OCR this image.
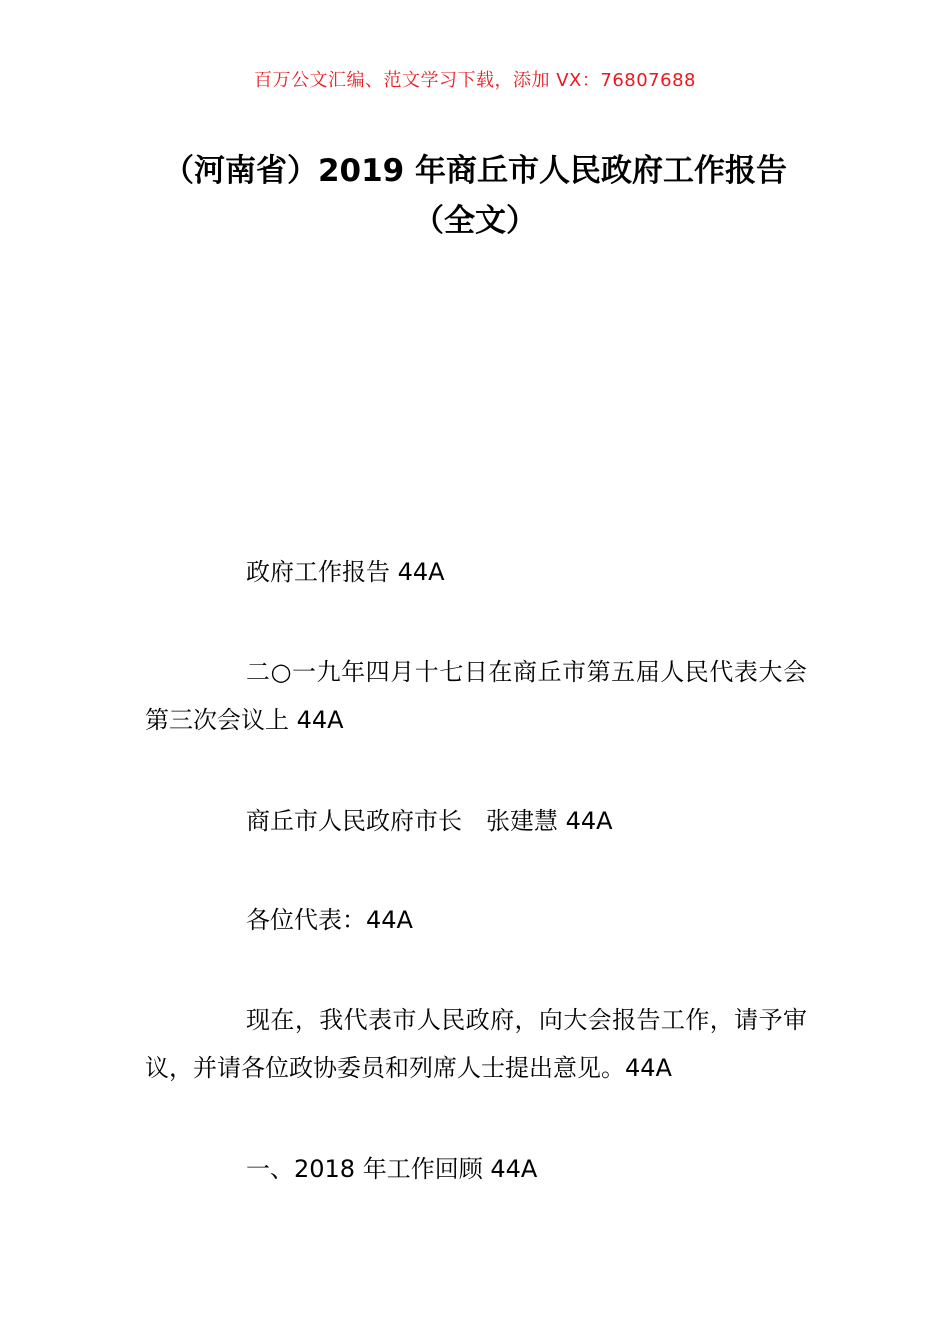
百万公文汇编、范文学习下载，添加 VX：76807688
（河南省）2019 年商丘市人民政府工作报告（全文）

政府工作报告 44A

二○一九年四月十七日在商丘市第五届人民代表大会第三次会议上 44A

商丘市人民政府市长　张建慧 44A

各位代表：44A

现在，我代表市人民政府，向大会报告工作，请予审议，并请各位政协委员和列席人士提出意见。44A

一、2018 年工作回顾 44A
